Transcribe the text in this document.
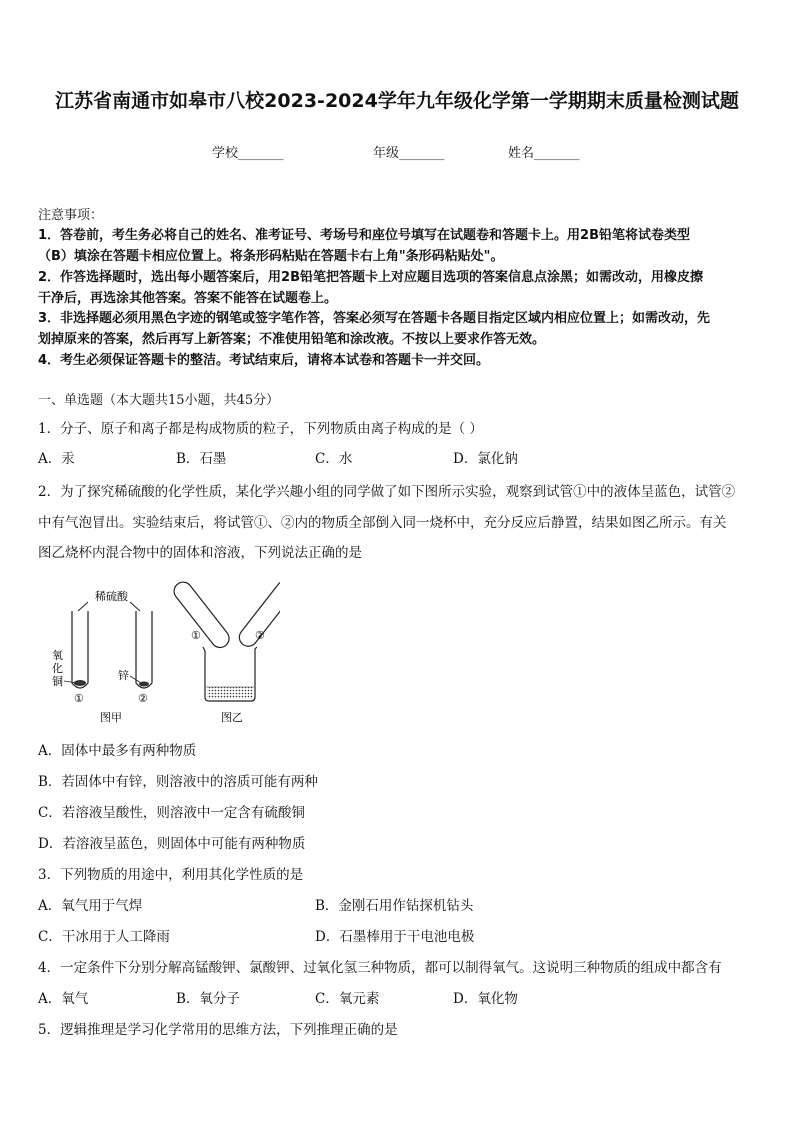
江苏省南通市如皋市八校2023-2024学年九年级化学第一学期期末质量检测试题
学校_______	年级_______	姓名_______
注意事项：
1．答卷前，考生务必将自己的姓名、准考证号、考场号和座位号填写在试题卷和答题卡上。用2B铅笔将试卷类型
（B）填涂在答题卡相应位置上。将条形码粘贴在答题卡右上角"条形码粘贴处"。
2．作答选择题时，选出每小题答案后，用2B铅笔把答题卡上对应题目选项的答案信息点涂黑；如需改动，用橡皮擦
干净后，再选涂其他答案。答案不能答在试题卷上。
3．非选择题必须用黑色字迹的钢笔或签字笔作答，答案必须写在答题卡各题目指定区域内相应位置上；如需改动，先
划掉原来的答案，然后再写上新答案；不准使用铅笔和涂改液。不按以上要求作答无效。
4．考生必须保证答题卡的整洁。考试结束后，请将本试卷和答题卡一并交回。
一、单选题（本大题共15小题，共45分）
1．分子、原子和离子都是构成物质的粒子，下列物质由离子构成的是（ ）
A．汞	B．石墨	C．水	D．氯化钠
2．为了探究稀硫酸的化学性质，某化学兴趣小组的同学做了如下图所示实验，观察到试管①中的液体呈蓝色，试管②
中有气泡冒出。实验结束后，将试管①、②内的物质全部倒入同一烧杯中，充分反应后静置，结果如图乙所示。有关
图乙烧杯内混合物中的固体和溶液，下列说法正确的是
稀硫酸
氧
化
铜	锌
①	②
图甲
①	②
图乙
A．固体中最多有两种物质
B．若固体中有锌，则溶液中的溶质可能有两种
C．若溶液呈酸性，则溶液中一定含有硫酸铜
D．若溶液呈蓝色，则固体中可能有两种物质
3．下列物质的用途中，利用其化学性质的是
A．氧气用于气焊	B．金刚石用作钻探机钻头
C．干冰用于人工降雨	D．石墨棒用于干电池电极
4．一定条件下分别分解高锰酸钾、氯酸钾、过氧化氢三种物质，都可以制得氧气。这说明三种物质的组成中都含有
A．氧气	B．氧分子	C．氧元素	D．氧化物
5．逻辑推理是学习化学常用的思维方法，下列推理正确的是
